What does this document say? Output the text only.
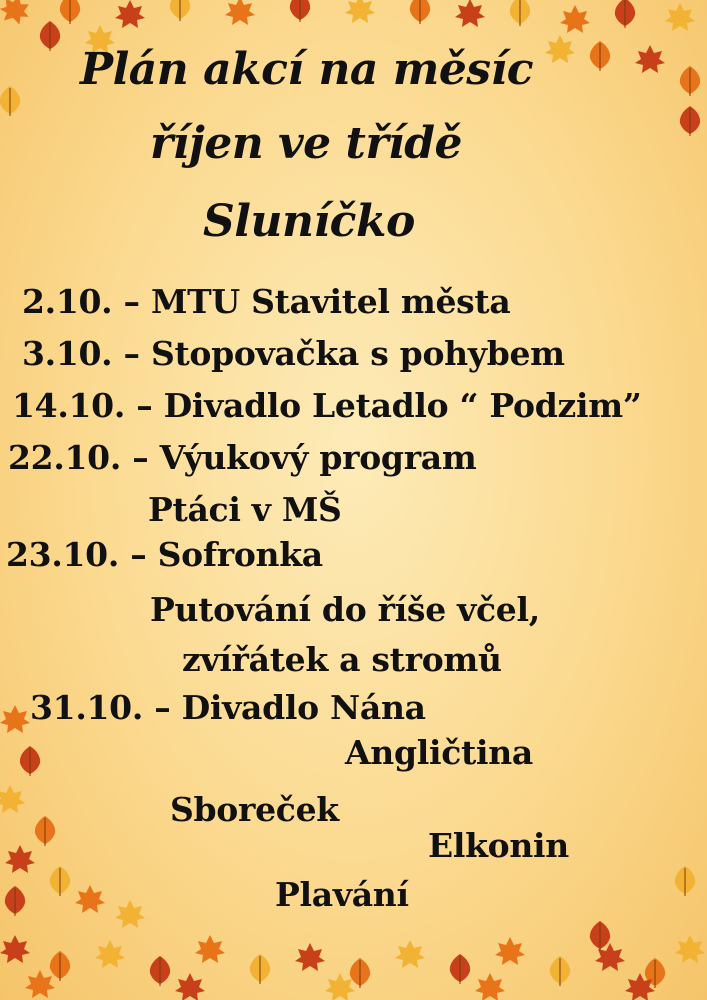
Plán akcí na měsíc
říjen ve třídě
Sluníčko

2.10. – MTU Stavitel města

3.10. – Stopovačka s pohybem

14.10. – Divadlo Letadlo “ Podzim”

22.10. – Výukový program

Ptáci v MŠ

23.10. – Sofronka

Putování do říše včel,

zvířátek a stromů

31.10. – Divadlo Nána

Angličtina

Sboreček

Elkonin

Plavání
